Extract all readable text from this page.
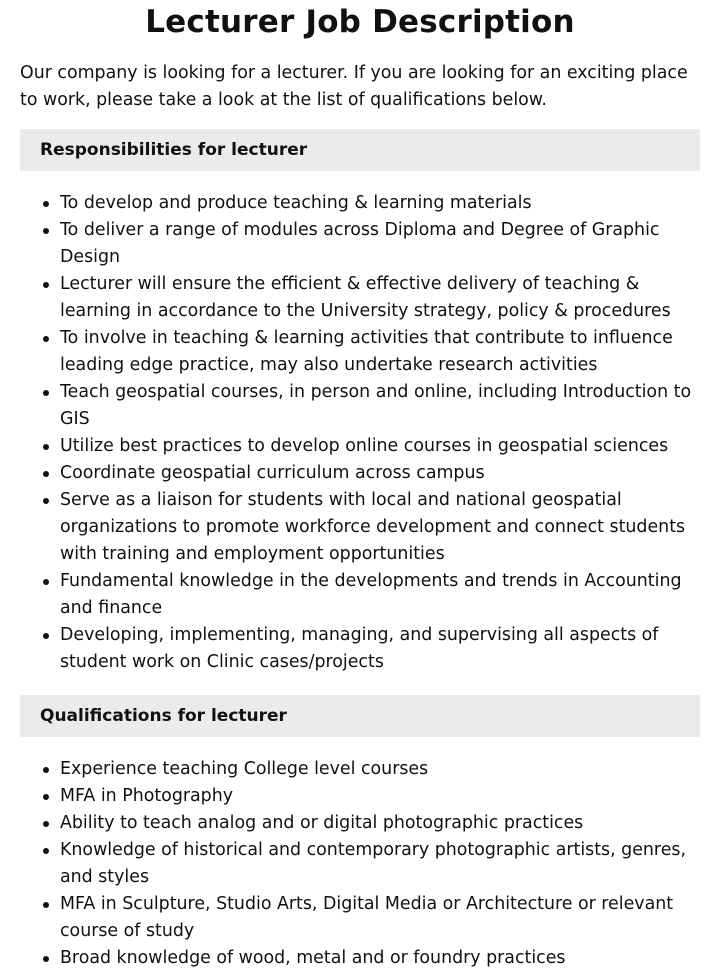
Lecturer Job Description

Our company is looking for a lecturer. If you are looking for an exciting place to work, please take a look at the list of qualifications below.

Responsibilities for lecturer
To develop and produce teaching & learning materials
To deliver a range of modules across Diploma and Degree of Graphic Design
Lecturer will ensure the efficient & effective delivery of teaching & learning in accordance to the University strategy, policy & procedures
To involve in teaching & learning activities that contribute to influence leading edge practice, may also undertake research activities
Teach geospatial courses, in person and online, including Introduction to GIS
Utilize best practices to develop online courses in geospatial sciences
Coordinate geospatial curriculum across campus
Serve as a liaison for students with local and national geospatial organizations to promote workforce development and connect students with training and employment opportunities
Fundamental knowledge in the developments and trends in Accounting and finance
Developing, implementing, managing, and supervising all aspects of student work on Clinic cases/projects
Qualifications for lecturer
Experience teaching College level courses
MFA in Photography
Ability to teach analog and or digital photographic practices
Knowledge of historical and contemporary photographic artists, genres, and styles
MFA in Sculpture, Studio Arts, Digital Media or Architecture or relevant course of study
Broad knowledge of wood, metal and or foundry practices
